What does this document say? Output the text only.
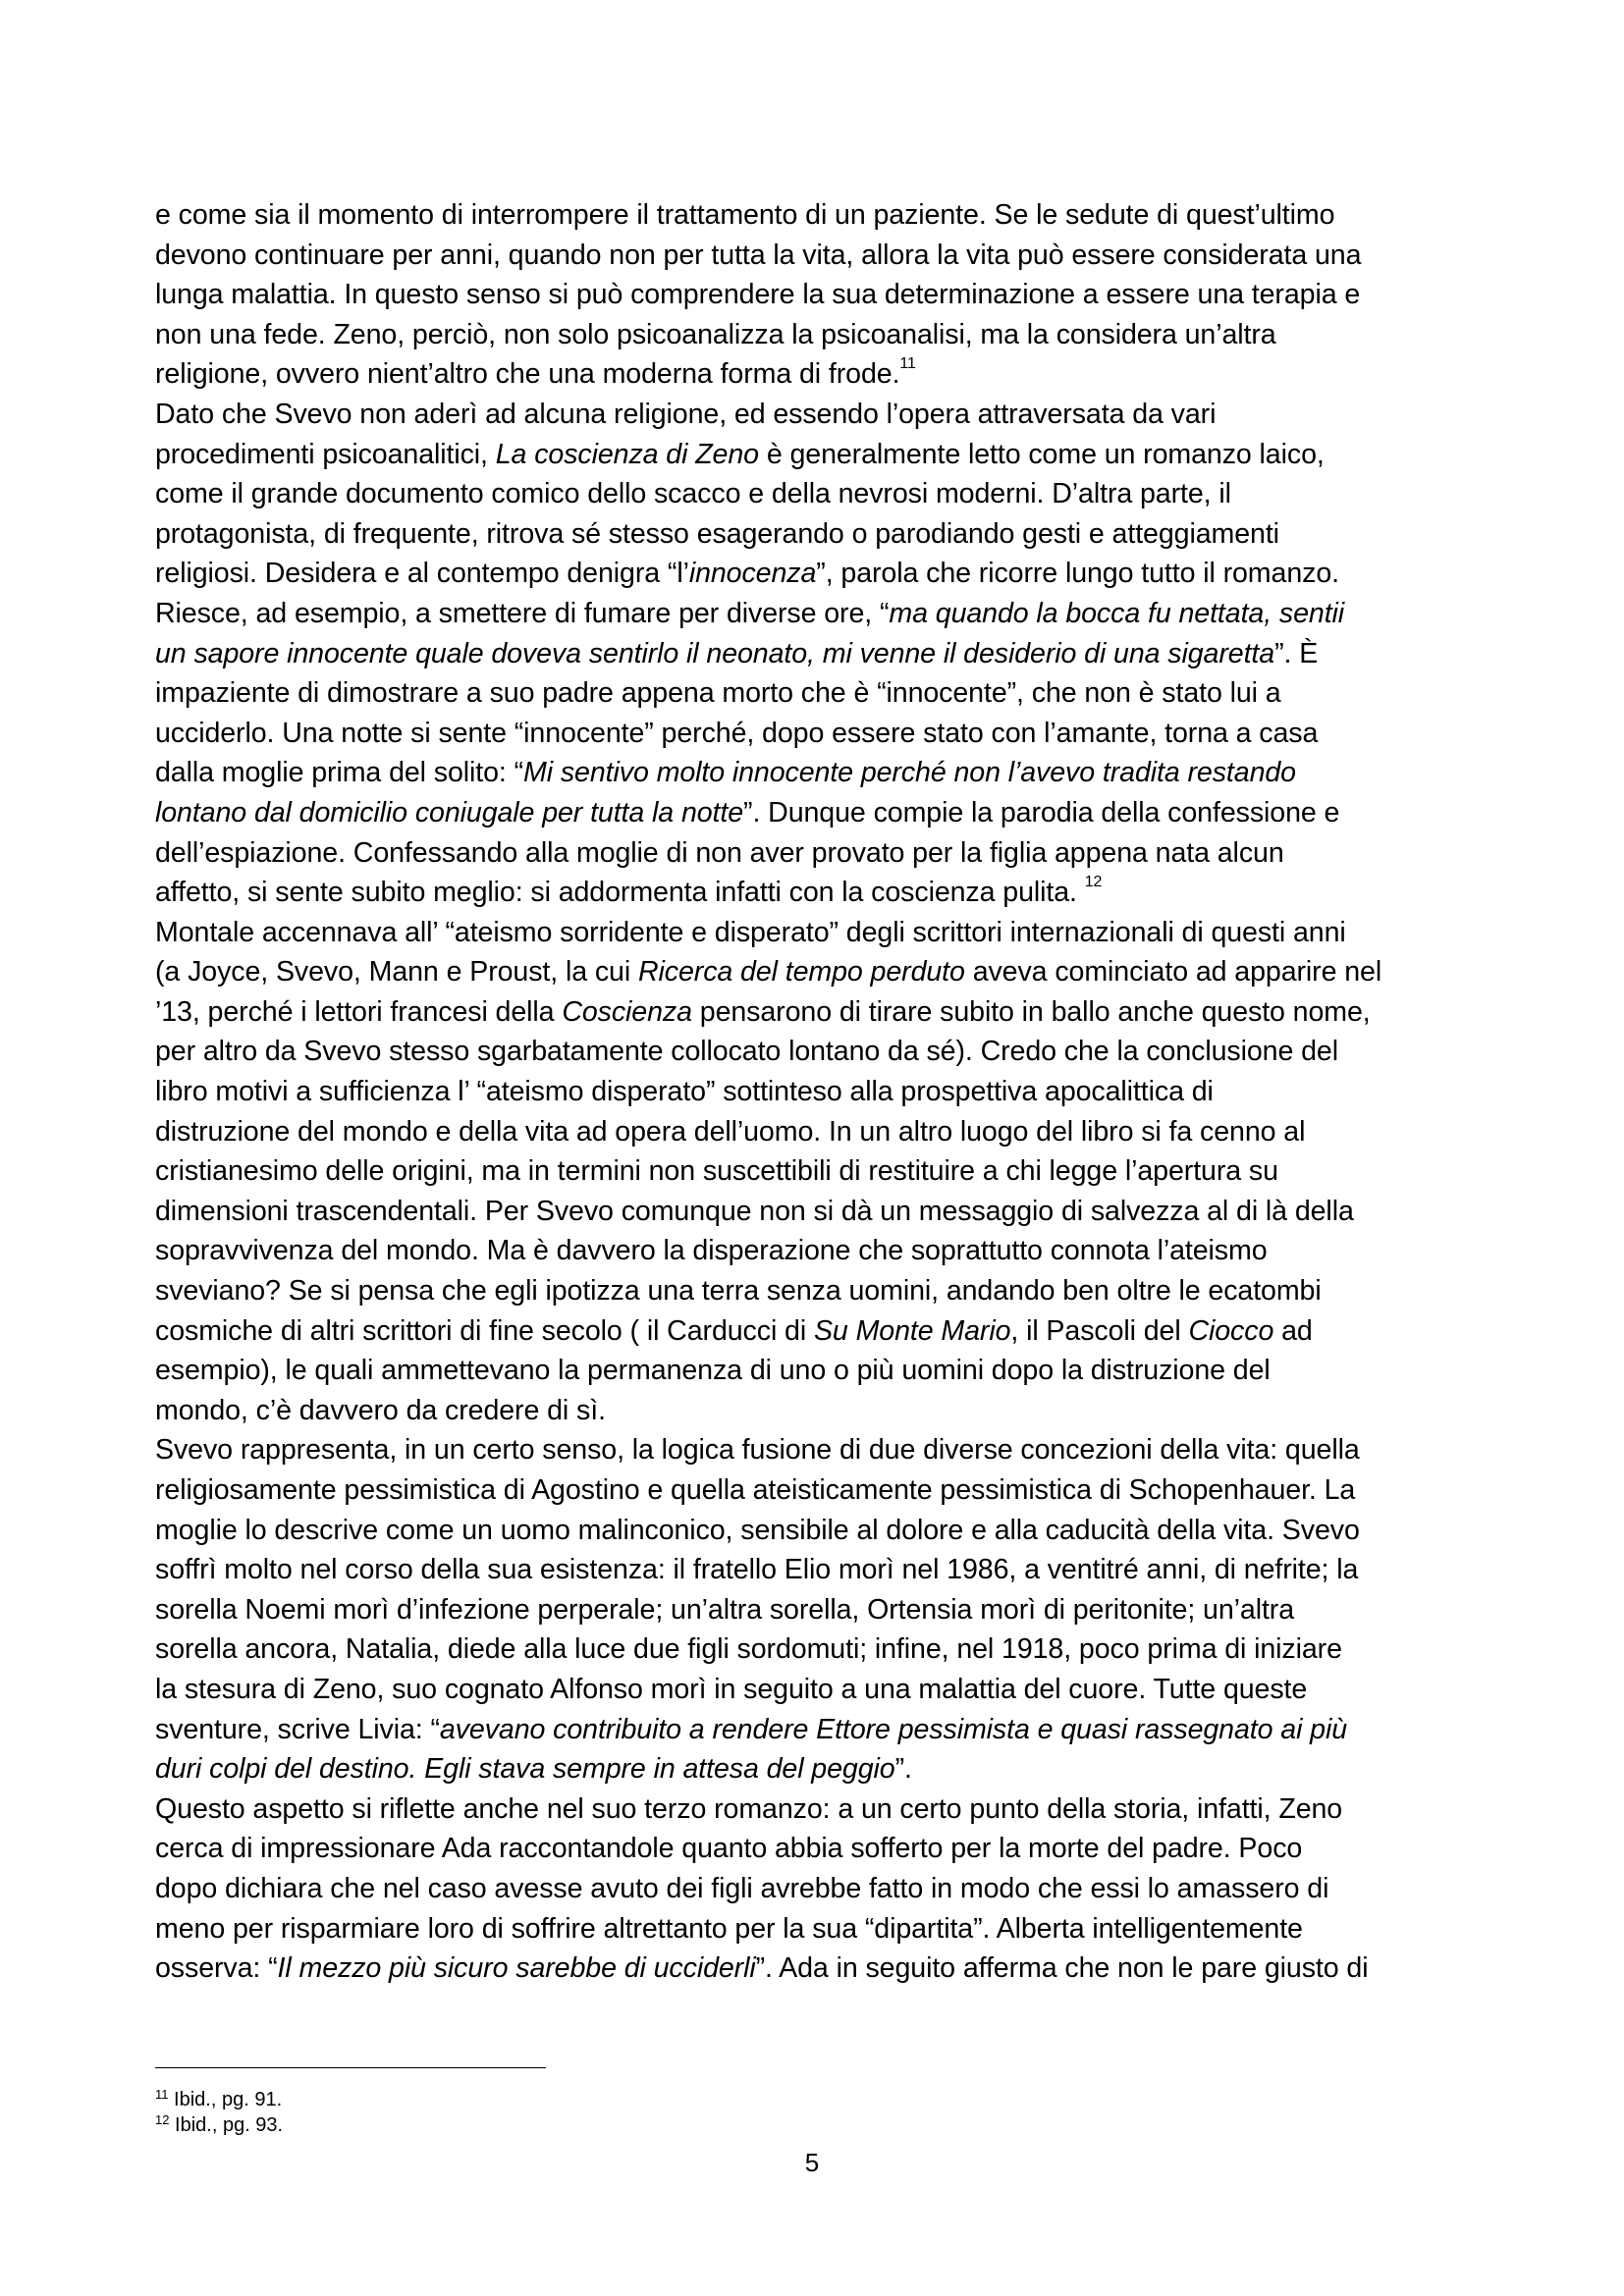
e come sia il momento di interrompere il trattamento di un paziente. Se le sedute di quest’ultimo
devono continuare per anni, quando non per tutta la vita, allora la vita può essere considerata una
lunga malattia. In questo senso si può comprendere la sua determinazione a essere una terapia e
non una fede. Zeno, perciò, non solo psicoanalizza la psicoanalisi, ma la considera un’altra
religione, ovvero nient’altro che una moderna forma di frode.$^{11}$
Dato che Svevo non aderì ad alcuna religione, ed essendo l’opera attraversata da vari
procedimenti psicoanalitici, La coscienza di Zeno è generalmente letto come un romanzo laico,
come il grande documento comico dello scacco e della nevrosi moderni. D’altra parte, il
protagonista, di frequente, ritrova sé stesso esagerando o parodiando gesti e atteggiamenti
religiosi. Desidera e al contempo denigra “l’innocenza”, parola che ricorre lungo tutto il romanzo.
Riesce, ad esempio, a smettere di fumare per diverse ore, “ma quando la bocca fu nettata, sentii
un sapore innocente quale doveva sentirlo il neonato, mi venne il desiderio di una sigaretta”. È
impaziente di dimostrare a suo padre appena morto che è “innocente”, che non è stato lui a
ucciderlo. Una notte si sente “innocente” perché, dopo essere stato con l’amante, torna a casa
dalla moglie prima del solito: “Mi sentivo molto innocente perché non l’avevo tradita restando
lontano dal domicilio coniugale per tutta la notte”. Dunque compie la parodia della confessione e
dell’espiazione. Confessando alla moglie di non aver provato per la figlia appena nata alcun
affetto, si sente subito meglio: si addormenta infatti con la coscienza pulita. $^{12}$
Montale accennava all’ “ateismo sorridente e disperato” degli scrittori internazionali di questi anni
(a Joyce, Svevo, Mann e Proust, la cui Ricerca del tempo perduto aveva cominciato ad apparire nel
’13, perché i lettori francesi della Coscienza pensarono di tirare subito in ballo anche questo nome,
per altro da Svevo stesso sgarbatamente collocato lontano da sé). Credo che la conclusione del
libro motivi a sufficienza l’ “ateismo disperato” sottinteso alla prospettiva apocalittica di
distruzione del mondo e della vita ad opera dell’uomo. In un altro luogo del libro si fa cenno al
cristianesimo delle origini, ma in termini non suscettibili di restituire a chi legge l’apertura su
dimensioni trascendentali. Per Svevo comunque non si dà un messaggio di salvezza al di là della
sopravvivenza del mondo. Ma è davvero la disperazione che soprattutto connota l’ateismo
sveviano? Se si pensa che egli ipotizza una terra senza uomini, andando ben oltre le ecatombi
cosmiche di altri scrittori di fine secolo ( il Carducci di Su Monte Mario, il Pascoli del Ciocco ad
esempio), le quali ammettevano la permanenza di uno o più uomini dopo la distruzione del
mondo, c’è davvero da credere di sì.
Svevo rappresenta, in un certo senso, la logica fusione di due diverse concezioni della vita: quella
religiosamente pessimistica di Agostino e quella ateisticamente pessimistica di Schopenhauer. La
moglie lo descrive come un uomo malinconico, sensibile al dolore e alla caducità della vita. Svevo
soffrì molto nel corso della sua esistenza: il fratello Elio morì nel 1986, a ventitré anni, di nefrite; la
sorella Noemi morì d’infezione perperale; un’altra sorella, Ortensia morì di peritonite; un’altra
sorella ancora, Natalia, diede alla luce due figli sordomuti; infine, nel 1918, poco prima di iniziare
la stesura di Zeno, suo cognato Alfonso morì in seguito a una malattia del cuore. Tutte queste
sventure, scrive Livia: “avevano contribuito a rendere Ettore pessimista e quasi rassegnato ai più
duri colpi del destino. Egli stava sempre in attesa del peggio”.
Questo aspetto si riflette anche nel suo terzo romanzo: a un certo punto della storia, infatti, Zeno
cerca di impressionare Ada raccontandole quanto abbia sofferto per la morte del padre. Poco
dopo dichiara che nel caso avesse avuto dei figli avrebbe fatto in modo che essi lo amassero di
meno per risparmiare loro di soffrire altrettanto per la sua “dipartita”. Alberta intelligentemente
osserva: “Il mezzo più sicuro sarebbe di ucciderli”. Ada in seguito afferma che non le pare giusto di
$^{11}$ Ibid., pg. 91.
$^{12}$ Ibid., pg. 93.
5
